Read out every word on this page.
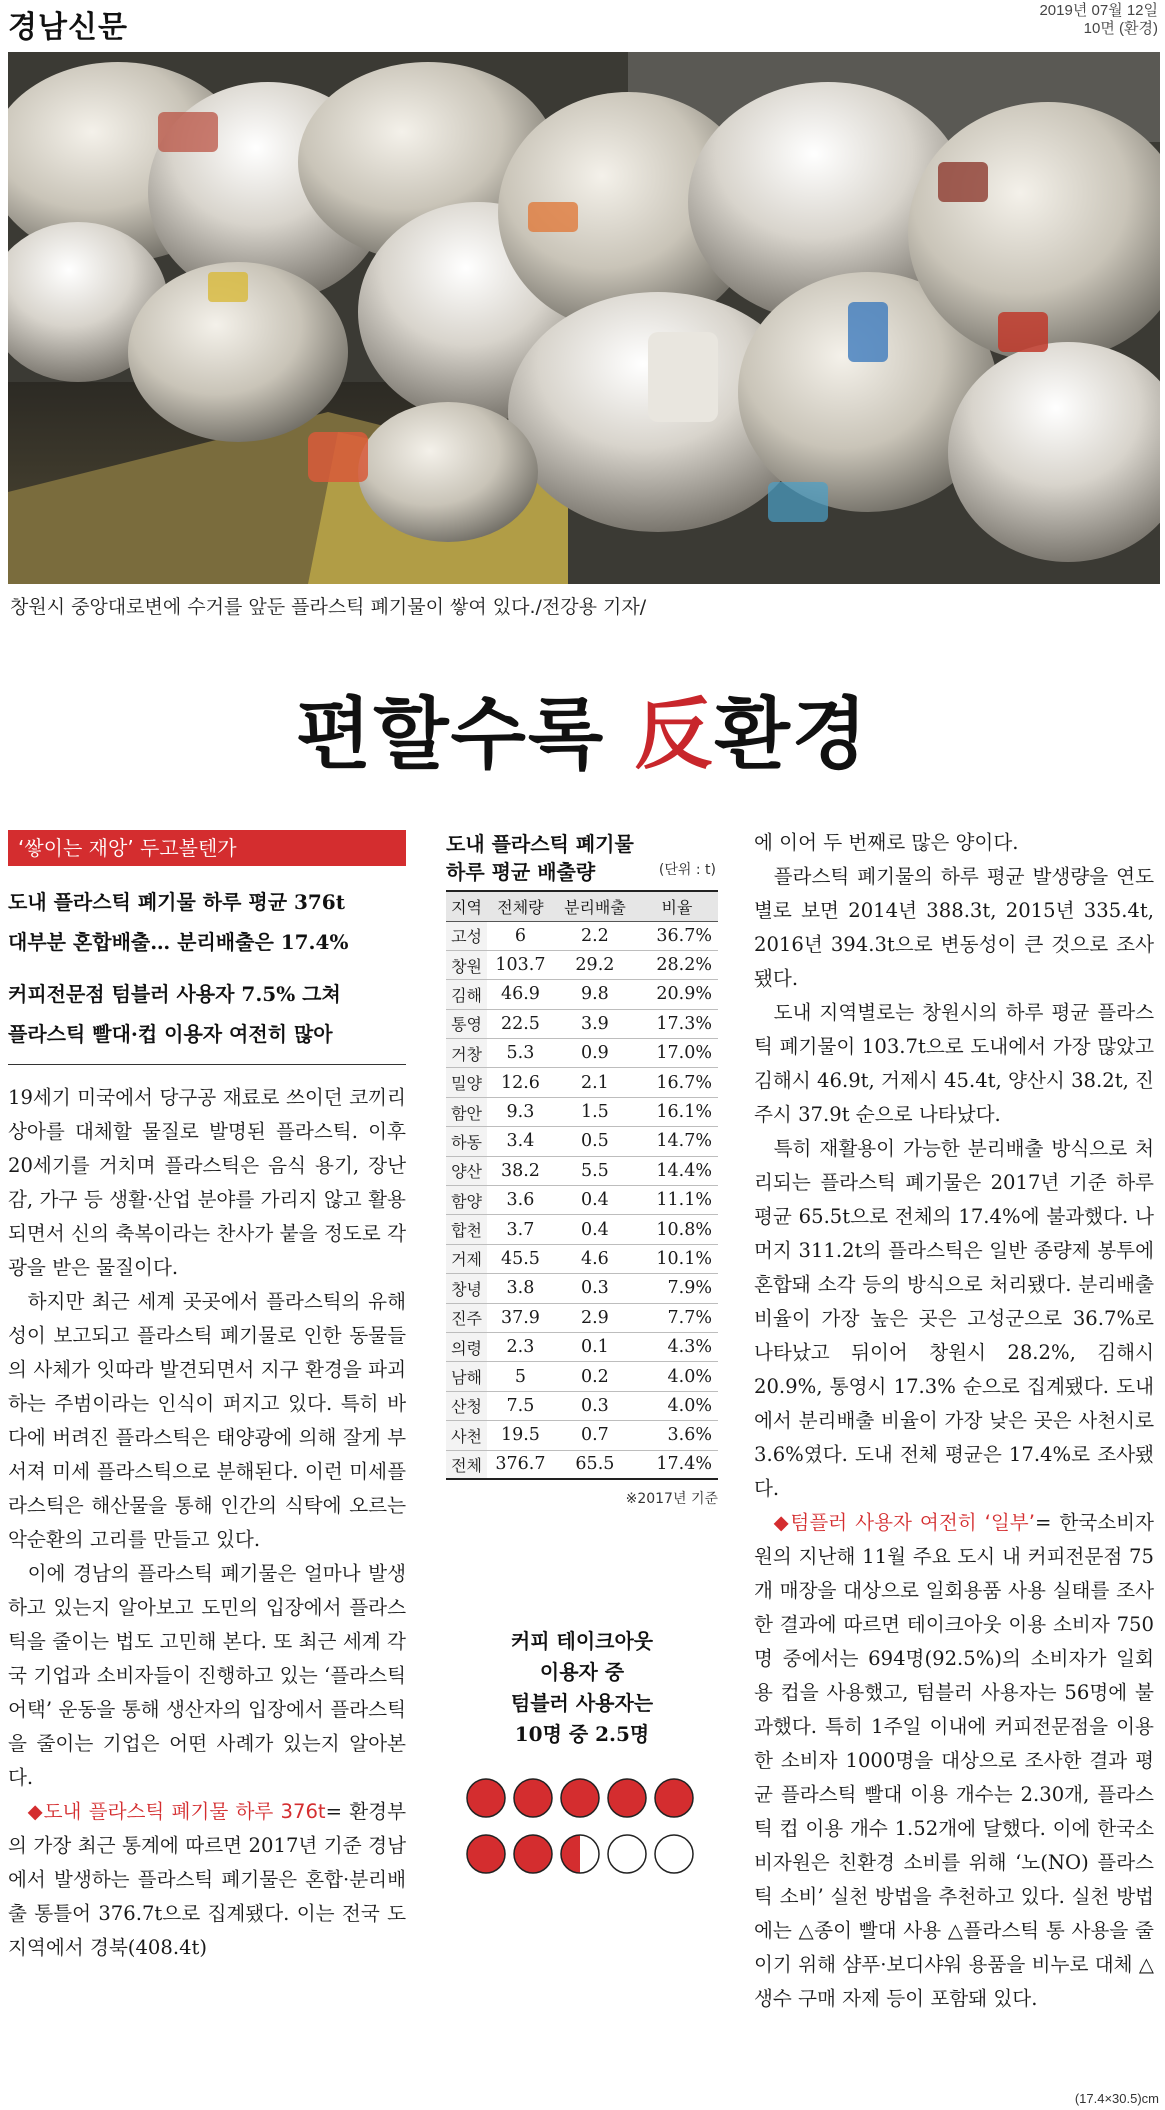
경남신문	2019년 07월 12일
10면 (환경)
창원시 중앙대로변에 수거를 앞둔 플라스틱 폐기물이 쌓여 있다./전강용 기자/
편할수록 反환경
‘쌓이는 재앙’ 두고볼텐가
도내 플라스틱 폐기물 하루 평균 376t
대부분 혼합배출… 분리배출은 17.4%
커피전문점 텀블러 사용자 7.5% 그쳐
플라스틱 빨대·컵 이용자 여전히 많아

19세기 미국에서 당구공 재료로 쓰이던 코끼리 상아를 대체할 물질로 발명된 플라스틱. 이후 20세기를 거치며 플라스틱은 음식 용기, 장난감, 가구 등 생활·산업 분야를 가리지 않고 활용되면서 신의 축복이라는 찬사가 붙을 정도로 각광을 받은 물질이다.

하지만 최근 세계 곳곳에서 플라스틱의 유해성이 보고되고 플라스틱 폐기물로 인한 동물들의 사체가 잇따라 발견되면서 지구 환경을 파괴하는 주범이라는 인식이 퍼지고 있다. 특히 바다에 버려진 플라스틱은 태양광에 의해 잘게 부서져 미세 플라스틱으로 분해된다. 이런 미세플라스틱은 해산물을 통해 인간의 식탁에 오르는 악순환의 고리를 만들고 있다.

이에 경남의 플라스틱 폐기물은 얼마나 발생하고 있는지 알아보고 도민의 입장에서 플라스틱을 줄이는 법도 고민해 본다. 또 최근 세계 각국 기업과 소비자들이 진행하고 있는 ‘플라스틱 어택’ 운동을 통해 생산자의 입장에서 플라스틱을 줄이는 기업은 어떤 사례가 있는지 알아본다.

◆도내 플라스틱 폐기물 하루 376t= 환경부의 가장 최근 통계에 따르면 2017년 기준 경남에서 발생하는 플라스틱 폐기물은 혼합·분리배출 통틀어 376.7t으로 집계됐다. 이는 전국 도 지역에서 경북(408.4t)

도내 플라스틱 폐기물
하루 평균 배출량	(단위 : t)
지역	전체량	분리배출	비율
고성	6	2.2	36.7%
창원	103.7	29.2	28.2%
김해	46.9	9.8	20.9%
통영	22.5	3.9	17.3%
거창	5.3	0.9	17.0%
밀양	12.6	2.1	16.7%
함안	9.3	1.5	16.1%
하동	3.4	0.5	14.7%
양산	38.2	5.5	14.4%
함양	3.6	0.4	11.1%
합천	3.7	0.4	10.8%
거제	45.5	4.6	10.1%
창녕	3.8	0.3	7.9%
진주	37.9	2.9	7.7%
의령	2.3	0.1	4.3%
남해	5	0.2	4.0%
산청	7.5	0.3	4.0%
사천	19.5	0.7	3.6%
전체	376.7	65.5	17.4%
※2017년 기준
커피 테이크아웃
이용자 중
텀블러 사용자는
10명 중 2.5명

에 이어 두 번째로 많은 양이다.

플라스틱 폐기물의 하루 평균 발생량을 연도별로 보면 2014년 388.3t, 2015년 335.4t, 2016년 394.3t으로 변동성이 큰 것으로 조사됐다.

도내 지역별로는 창원시의 하루 평균 플라스틱 폐기물이 103.7t으로 도내에서 가장 많았고 김해시 46.9t, 거제시 45.4t, 양산시 38.2t, 진주시 37.9t 순으로 나타났다.

특히 재활용이 가능한 분리배출 방식으로 처리되는 플라스틱 폐기물은 2017년 기준 하루 평균 65.5t으로 전체의 17.4%에 불과했다. 나머지 311.2t의 플라스틱은 일반 종량제 봉투에 혼합돼 소각 등의 방식으로 처리됐다. 분리배출 비율이 가장 높은 곳은 고성군으로 36.7%로 나타났고 뒤이어 창원시 28.2%, 김해시 20.9%, 통영시 17.3% 순으로 집계됐다. 도내에서 분리배출 비율이 가장 낮은 곳은 사천시로 3.6%였다. 도내 전체 평균은 17.4%로 조사됐다.

◆텀플러 사용자 여전히 ‘일부’= 한국소비자원의 지난해 11월 주요 도시 내 커피전문점 75개 매장을 대상으로 일회용품 사용 실태를 조사한 결과에 따르면 테이크아웃 이용 소비자 750명 중에서는 694명(92.5%)의 소비자가 일회용 컵을 사용했고, 텀블러 사용자는 56명에 불과했다. 특히 1주일 이내에 커피전문점을 이용한 소비자 1000명을 대상으로 조사한 결과 평균 플라스틱 빨대 이용 개수는 2.30개, 플라스틱 컵 이용 개수 1.52개에 달했다. 이에 한국소비자원은 친환경 소비를 위해 ‘노(NO) 플라스틱 소비’ 실천 방법을 추천하고 있다. 실천 방법에는 △종이 빨대 사용 △플라스틱 통 사용을 줄이기 위해 샴푸·보디샤워 용품을 비누로 대체 △생수 구매 자제 등이 포함돼 있다.

(17.4×30.5)cm
